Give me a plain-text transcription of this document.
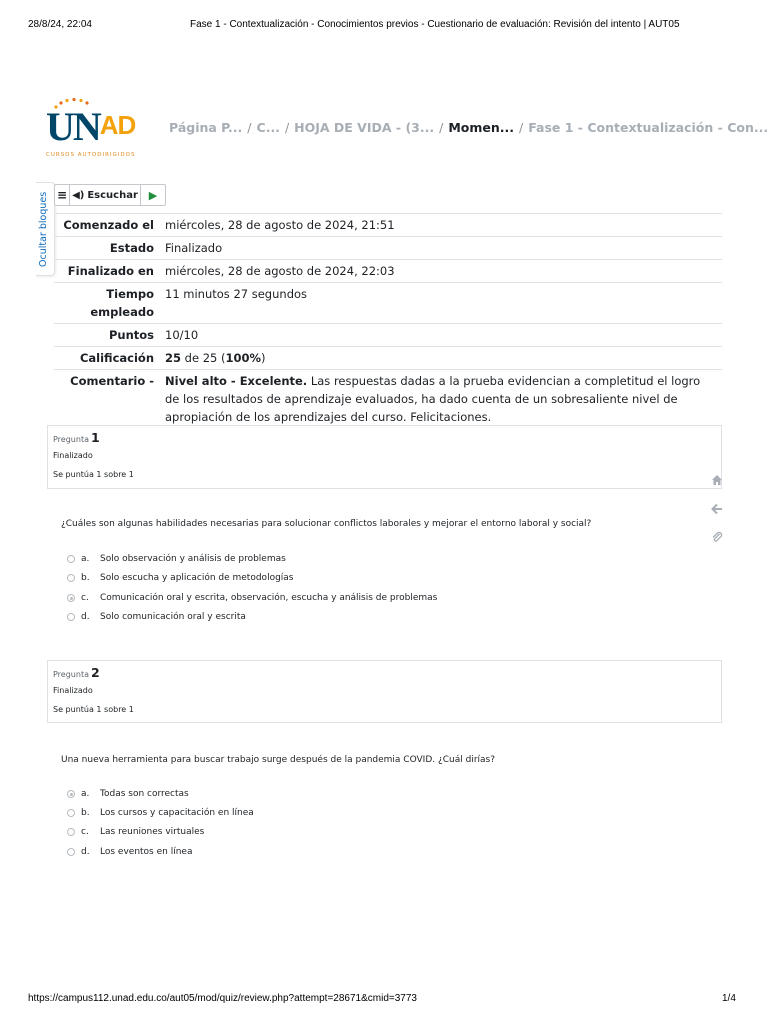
28/8/24, 22:04	Fase 1 - Contextualización - Conocimientos previos - Cuestionario de evaluación: Revisión del intento | AUT05
UNAD
CURSOS AUTODIRIGIDOS
Página P... / C... / HOJA DE VIDA - (3... / Momen... / Fase 1 - Contextualización - Con...
Ocultar bloques ≡ ◀) Escuchar ▶
Comenzado el	miércoles, 28 de agosto de 2024, 21:51
Estado	Finalizado
Finalizado en	miércoles, 28 de agosto de 2024, 22:03
Tiempo empleado	11 minutos 27 segundos
Puntos	10/10
Calificación	25 de 25 (100%)
Comentario -	Nivel alto - Excelente. Las respuestas dadas a la prueba evidencian a completitud el logro de los resultados de aprendizaje evaluados, ha dado cuenta de un sobresaliente nivel de apropiación de los aprendizajes del curso. Felicitaciones.
Pregunta 1
Finalizado
Se puntúa 1 sobre 1
¿Cuáles son algunas habilidades necesarias para solucionar conflictos laborales y mejorar el entorno laboral y social?
a.	Solo observación y análisis de problemas
b.	Solo escucha y aplicación de metodologías
c.	Comunicación oral y escrita, observación, escucha y análisis de problemas
d.	Solo comunicación oral y escrita
Pregunta 2
Finalizado
Se puntúa 1 sobre 1
Una nueva herramienta para buscar trabajo surge después de la pandemia COVID. ¿Cuál dirías?
a.	Todas son correctas
b.	Los cursos y capacitación en línea
c.	Las reuniones virtuales
d.	Los eventos en línea
https://campus112.unad.edu.co/aut05/mod/quiz/review.php?attempt=28671&cmid=3773	1/4
